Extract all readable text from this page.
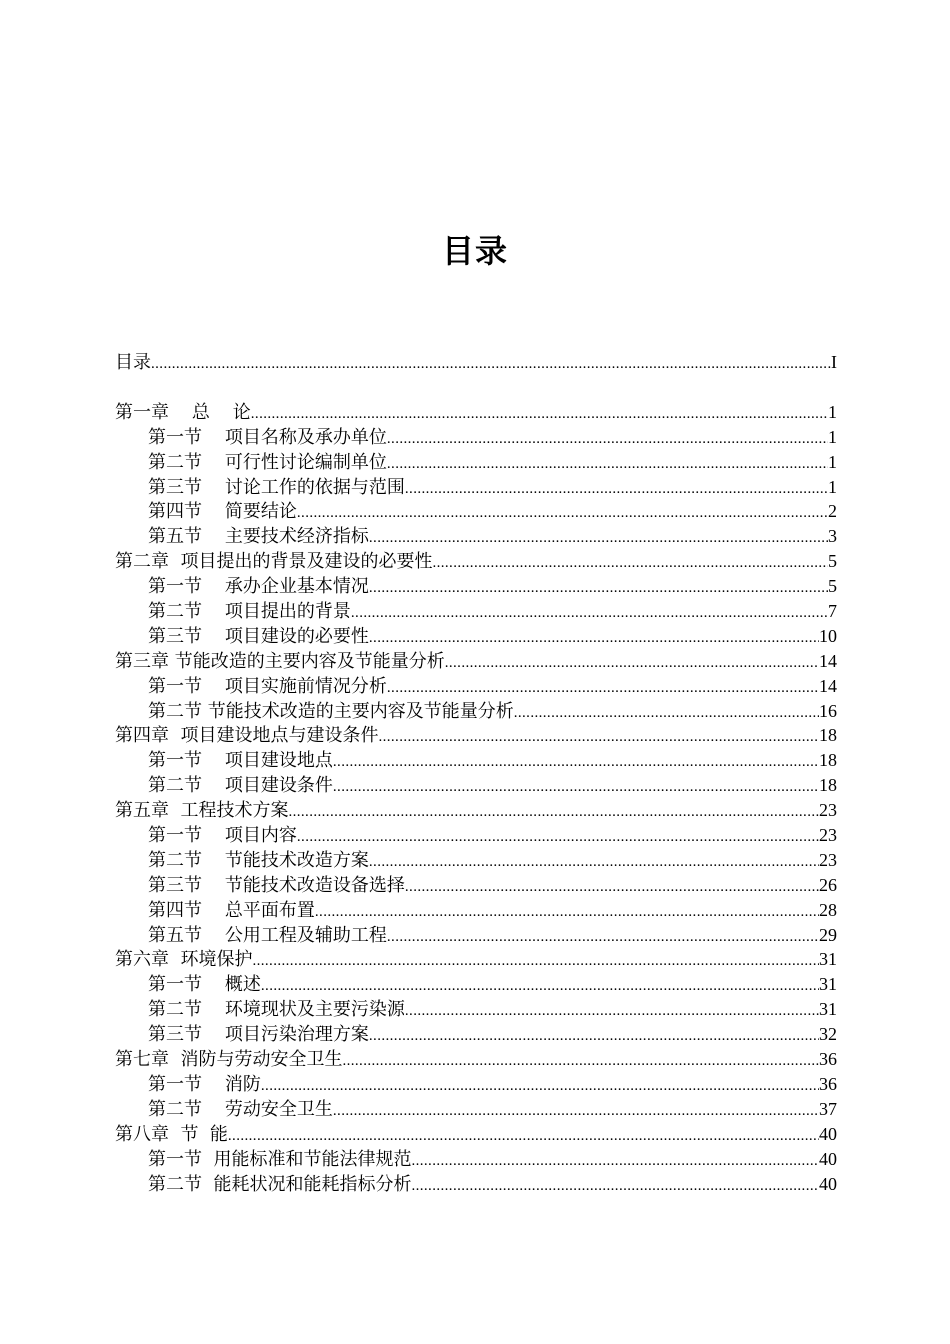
目录
目录 .....	I
第一章    总    论 .....	1
第一节    项目名称及承办单位 .....	1
第二节    可行性讨论编制单位 .....	1
第三节    讨论工作的依据与范围 .....	1
第四节    简要结论 .....	2
第五节    主要技术经济指标 .....	3
第二章  项目提出的背景及建设的必要性 .....	5
第一节    承办企业基本情况 .....	5
第二节    项目提出的背景 .....	7
第三节    项目建设的必要性 .....	10
第三章 节能改造的主要内容及节能量分析 .....	14
第一节    项目实施前情况分析 .....	14
第二节 节能技术改造的主要内容及节能量分析 .....	16
第四章  项目建设地点与建设条件 .....	18
第一节    项目建设地点 .....	18
第二节    项目建设条件 .....	18
第五章  工程技术方案 .....	23
第一节    项目内容 .....	23
第二节    节能技术改造方案 .....	23
第三节    节能技术改造设备选择 .....	26
第四节    总平面布置 .....	28
第五节    公用工程及辅助工程 .....	29
第六章  环境保护 .....	31
第一节    概述 .....	31
第二节    环境现状及主要污染源 .....	31
第三节    项目污染治理方案 .....	32
第七章  消防与劳动安全卫生 .....	36
第一节    消防 .....	36
第二节    劳动安全卫生 .....	37
第八章  节  能 .....	40
第一节  用能标准和节能法律规范 .....	40
第二节  能耗状况和能耗指标分析 .....	40
